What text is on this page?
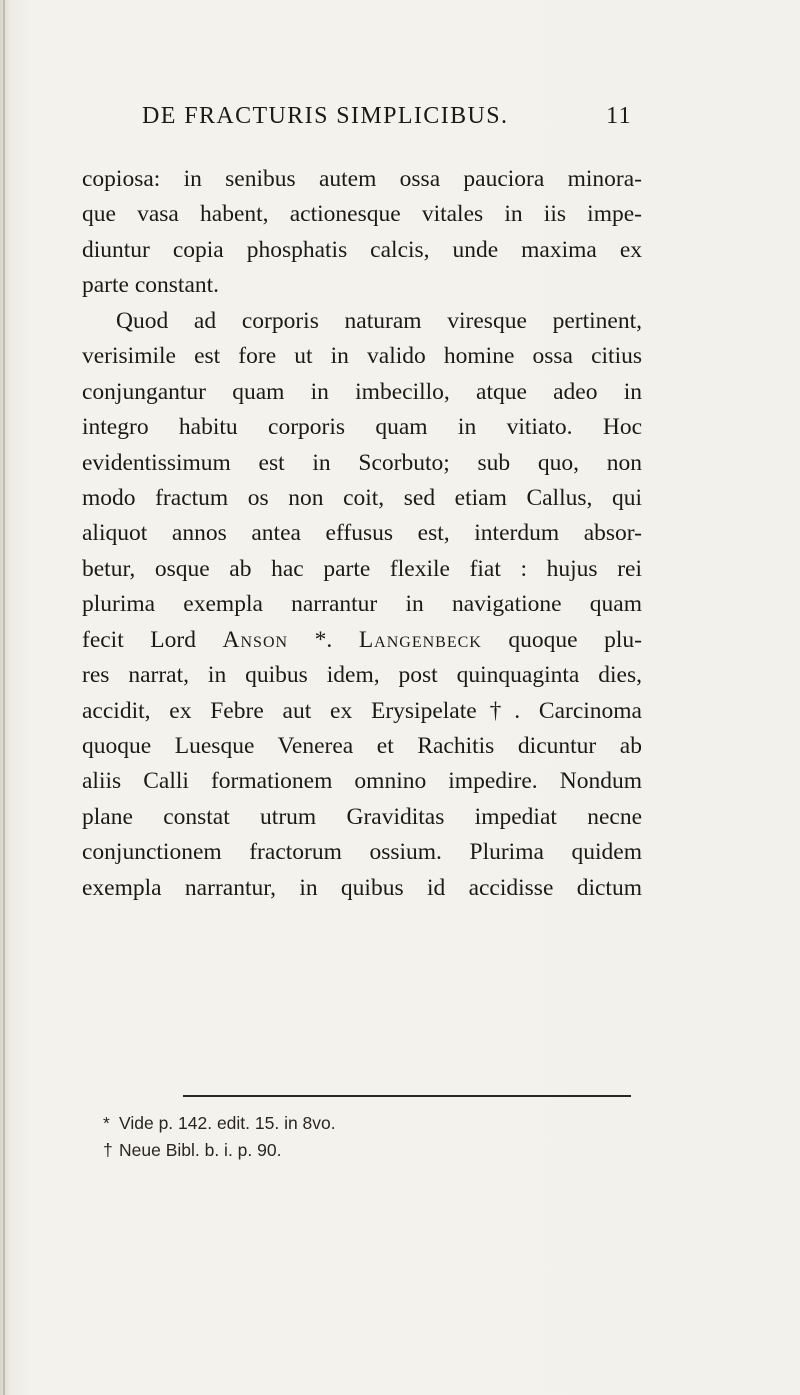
DE FRACTURIS SIMPLICIBUS.	11
copiosa: in senibus autem ossa pauciora minora-
que vasa habent, actionesque vitales in iis impe-
diuntur copia phosphatis calcis, unde maxima ex
parte constant.
Quod ad corporis naturam viresque pertinent,
verisimile est fore ut in valido homine ossa citius
conjungantur quam in imbecillo, atque adeo in
integro habitu corporis quam in vitiato. Hoc
evidentissimum est in Scorbuto; sub quo, non
modo fractum os non coit, sed etiam Callus, qui
aliquot annos antea effusus est, interdum absor-
betur, osque ab hac parte flexile fiat : hujus rei
plurima exempla narrantur in navigatione quam
fecit Lord Anson *. Langenbeck quoque plu-
res narrat, in quibus idem, post quinquaginta dies,
accidit, ex Febre aut ex Erysipelate†. Carcinoma
quoque Luesque Venerea et Rachitis dicuntur ab
aliis Calli formationem omnino impedire. Nondum
plane constat utrum Graviditas impediat necne
conjunctionem fractorum ossium. Plurima quidem
exempla narrantur, in quibus id accidisse dictum
* Vide p. 142. edit. 15. in 8vo.
† Neue Bibl. b. i. p. 90.
